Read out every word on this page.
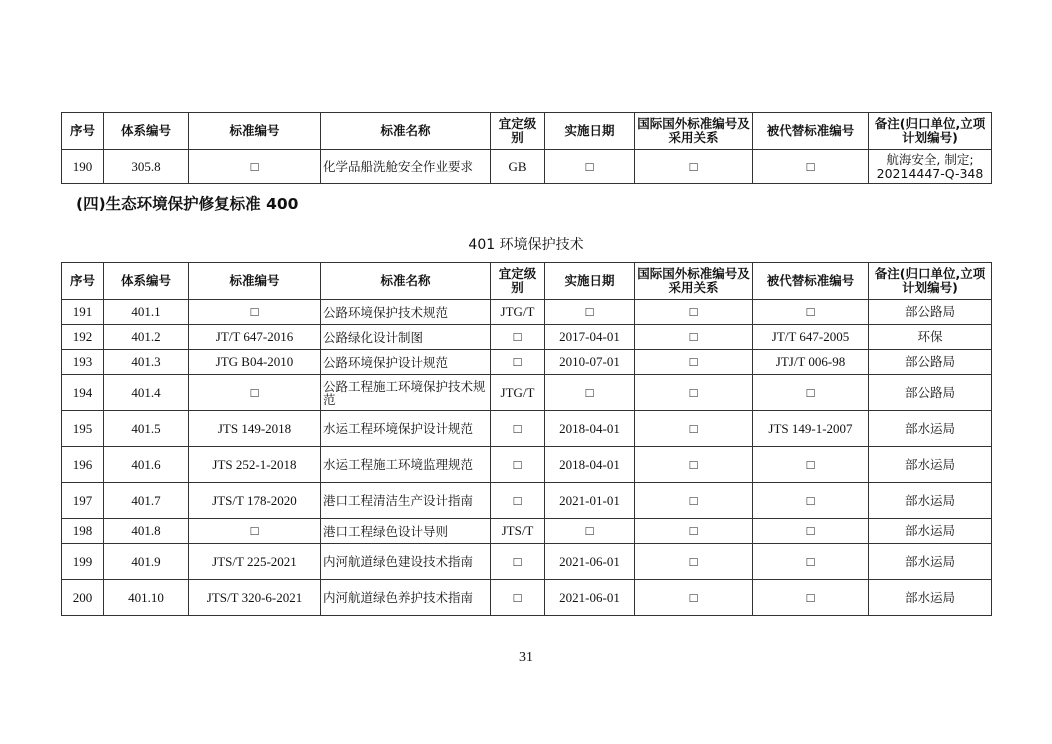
序号	体系编号	标准编号	标准名称	宜定级别	实施日期	国际国外标准编号及采用关系	被代替标准编号	备注(归口单位,立项计划编号)
190	305.8	□	化学品船洗舱安全作业要求	GB	□	□	□	航海安全, 制定; 20214447-Q-348
(四)生态环境保护修复标准 400
401 环境保护技术
序号	体系编号	标准编号	标准名称	宜定级别	实施日期	国际国外标准编号及采用关系	被代替标准编号	备注(归口单位,立项计划编号)
191	401.1	□	公路环境保护技术规范	JTG/T	□	□	□	部公路局
192	401.2	JT/T 647-2016	公路绿化设计制图	□	2017-04-01	□	JT/T 647-2005	环保
193	401.3	JTG B04-2010	公路环境保护设计规范	□	2010-07-01	□	JTJ/T 006-98	部公路局
194	401.4	□	公路工程施工环境保护技术规范	JTG/T	□	□	□	部公路局
195	401.5	JTS 149-2018	水运工程环境保护设计规范	□	2018-04-01	□	JTS 149-1-2007	部水运局
196	401.6	JTS 252-1-2018	水运工程施工环境监理规范	□	2018-04-01	□	□	部水运局
197	401.7	JTS/T 178-2020	港口工程清洁生产设计指南	□	2021-01-01	□	□	部水运局
198	401.8	□	港口工程绿色设计导则	JTS/T	□	□	□	部水运局
199	401.9	JTS/T 225-2021	内河航道绿色建设技术指南	□	2021-06-01	□	□	部水运局
200	401.10	JTS/T 320-6-2021	内河航道绿色养护技术指南	□	2021-06-01	□	□	部水运局
31
